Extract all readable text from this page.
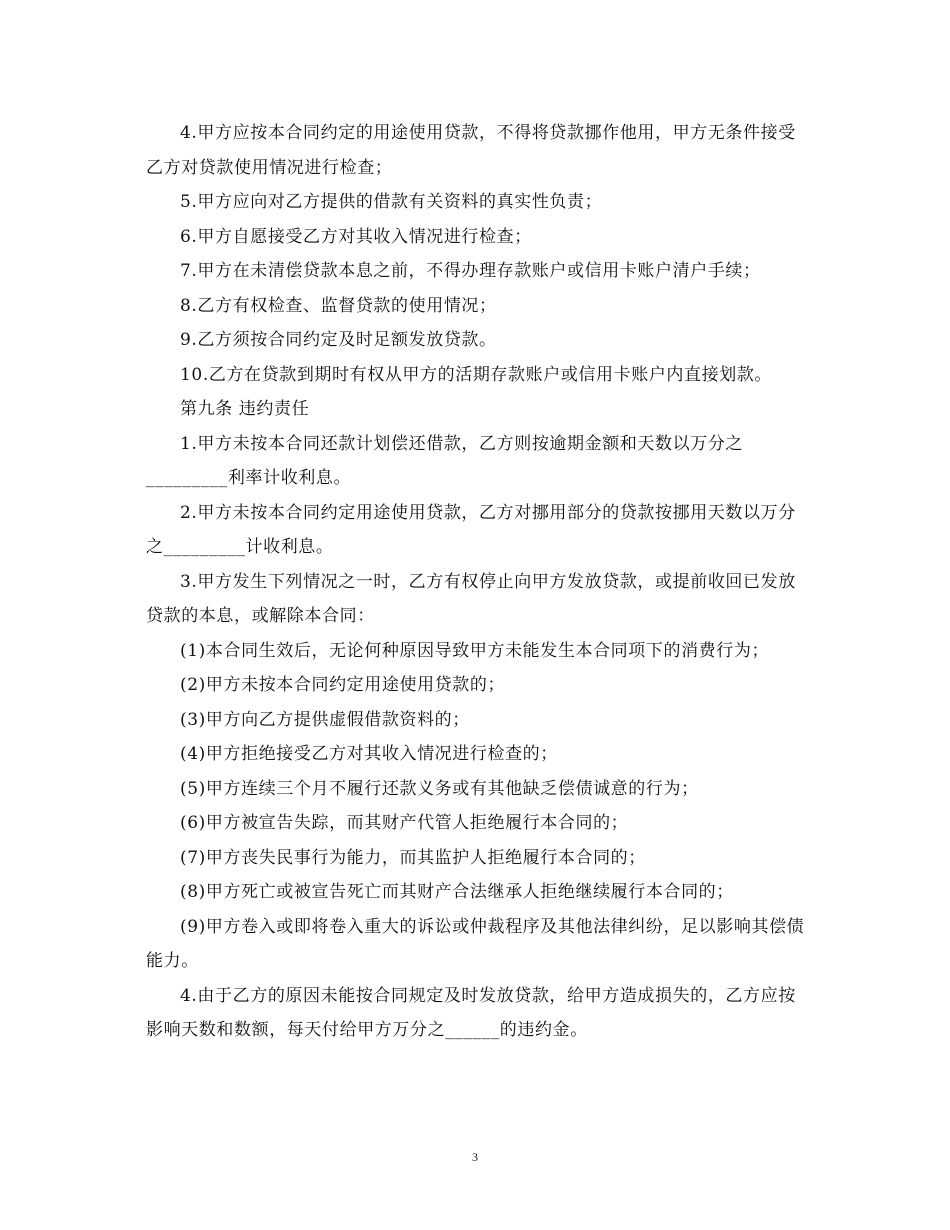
4.甲方应按本合同约定的用途使用贷款，不得将贷款挪作他用，甲方无条件接受乙方对贷款使用情况进行检查；

5.甲方应向对乙方提供的借款有关资料的真实性负责；

6.甲方自愿接受乙方对其收入情况进行检查；

7.甲方在未清偿贷款本息之前，不得办理存款账户或信用卡账户清户手续；

8.乙方有权检查、监督贷款的使用情况；

9.乙方须按合同约定及时足额发放贷款。

10.乙方在贷款到期时有权从甲方的活期存款账户或信用卡账户内直接划款。

第九条 违约责任

1.甲方未按本合同还款计划偿还借款，乙方则按逾期金额和天数以万分之_________利率计收利息。

2.甲方未按本合同约定用途使用贷款，乙方对挪用部分的贷款按挪用天数以万分之_________计收利息。

3.甲方发生下列情况之一时，乙方有权停止向甲方发放贷款，或提前收回已发放贷款的本息，或解除本合同：

(1)本合同生效后，无论何种原因导致甲方未能发生本合同项下的消费行为；

(2)甲方未按本合同约定用途使用贷款的；

(3)甲方向乙方提供虚假借款资料的；

(4)甲方拒绝接受乙方对其收入情况进行检查的；

(5)甲方连续三个月不履行还款义务或有其他缺乏偿债诚意的行为；

(6)甲方被宣告失踪，而其财产代管人拒绝履行本合同的；

(7)甲方丧失民事行为能力，而其监护人拒绝履行本合同的；

(8)甲方死亡或被宣告死亡而其财产合法继承人拒绝继续履行本合同的；

(9)甲方卷入或即将卷入重大的诉讼或仲裁程序及其他法律纠纷，足以影响其偿债能力。

4.由于乙方的原因未能按合同规定及时发放贷款，给甲方造成损失的，乙方应按影响天数和数额，每天付给甲方万分之______的违约金。

3
